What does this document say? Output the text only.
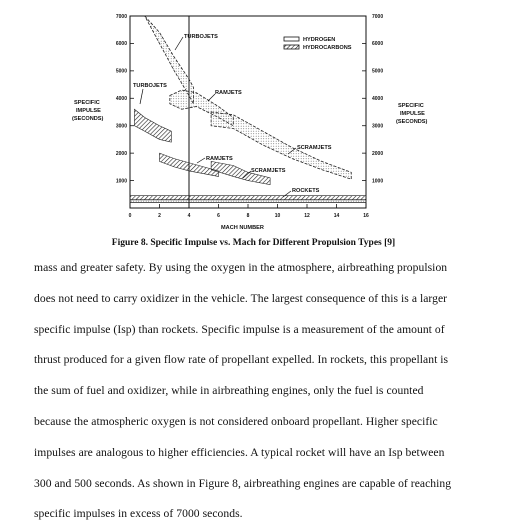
1000	1000
2000	2000
3000	3000
4000	4000
5000	5000
6000	6000
7000	7000
0	2	4	6	8	10	12	14	16
SPECIFIC
IMPULSE
(SECONDS)
SPECIFIC
IMPULSE
(SECONDS)
MACH NUMBER
HYDROGEN
HYDROCARBONS
TURBOJETS
TURBOJETS
RAMJETS
RAMJETS
SCRAMJETS
SCRAMJETS
ROCKETS
Figure 8. Specific Impulse vs. Mach for Different Propulsion Types [9]

mass and greater safety. By using the oxygen in the atmosphere, airbreathing propulsion

does not need to carry oxidizer in the vehicle. The largest consequence of this is a larger

specific impulse (Isp) than rockets. Specific impulse is a measurement of the amount of

thrust produced for a given flow rate of propellant expelled. In rockets, this propellant is

the sum of fuel and oxidizer, while in airbreathing engines, only the fuel is counted

because the atmospheric oxygen is not considered onboard propellant. Higher specific

impulses are analogous to higher efficiencies. A typical rocket will have an Isp between

300 and 500 seconds. As shown in Figure 8, airbreathing engines are capable of reaching

specific impulses in excess of 7000 seconds.
